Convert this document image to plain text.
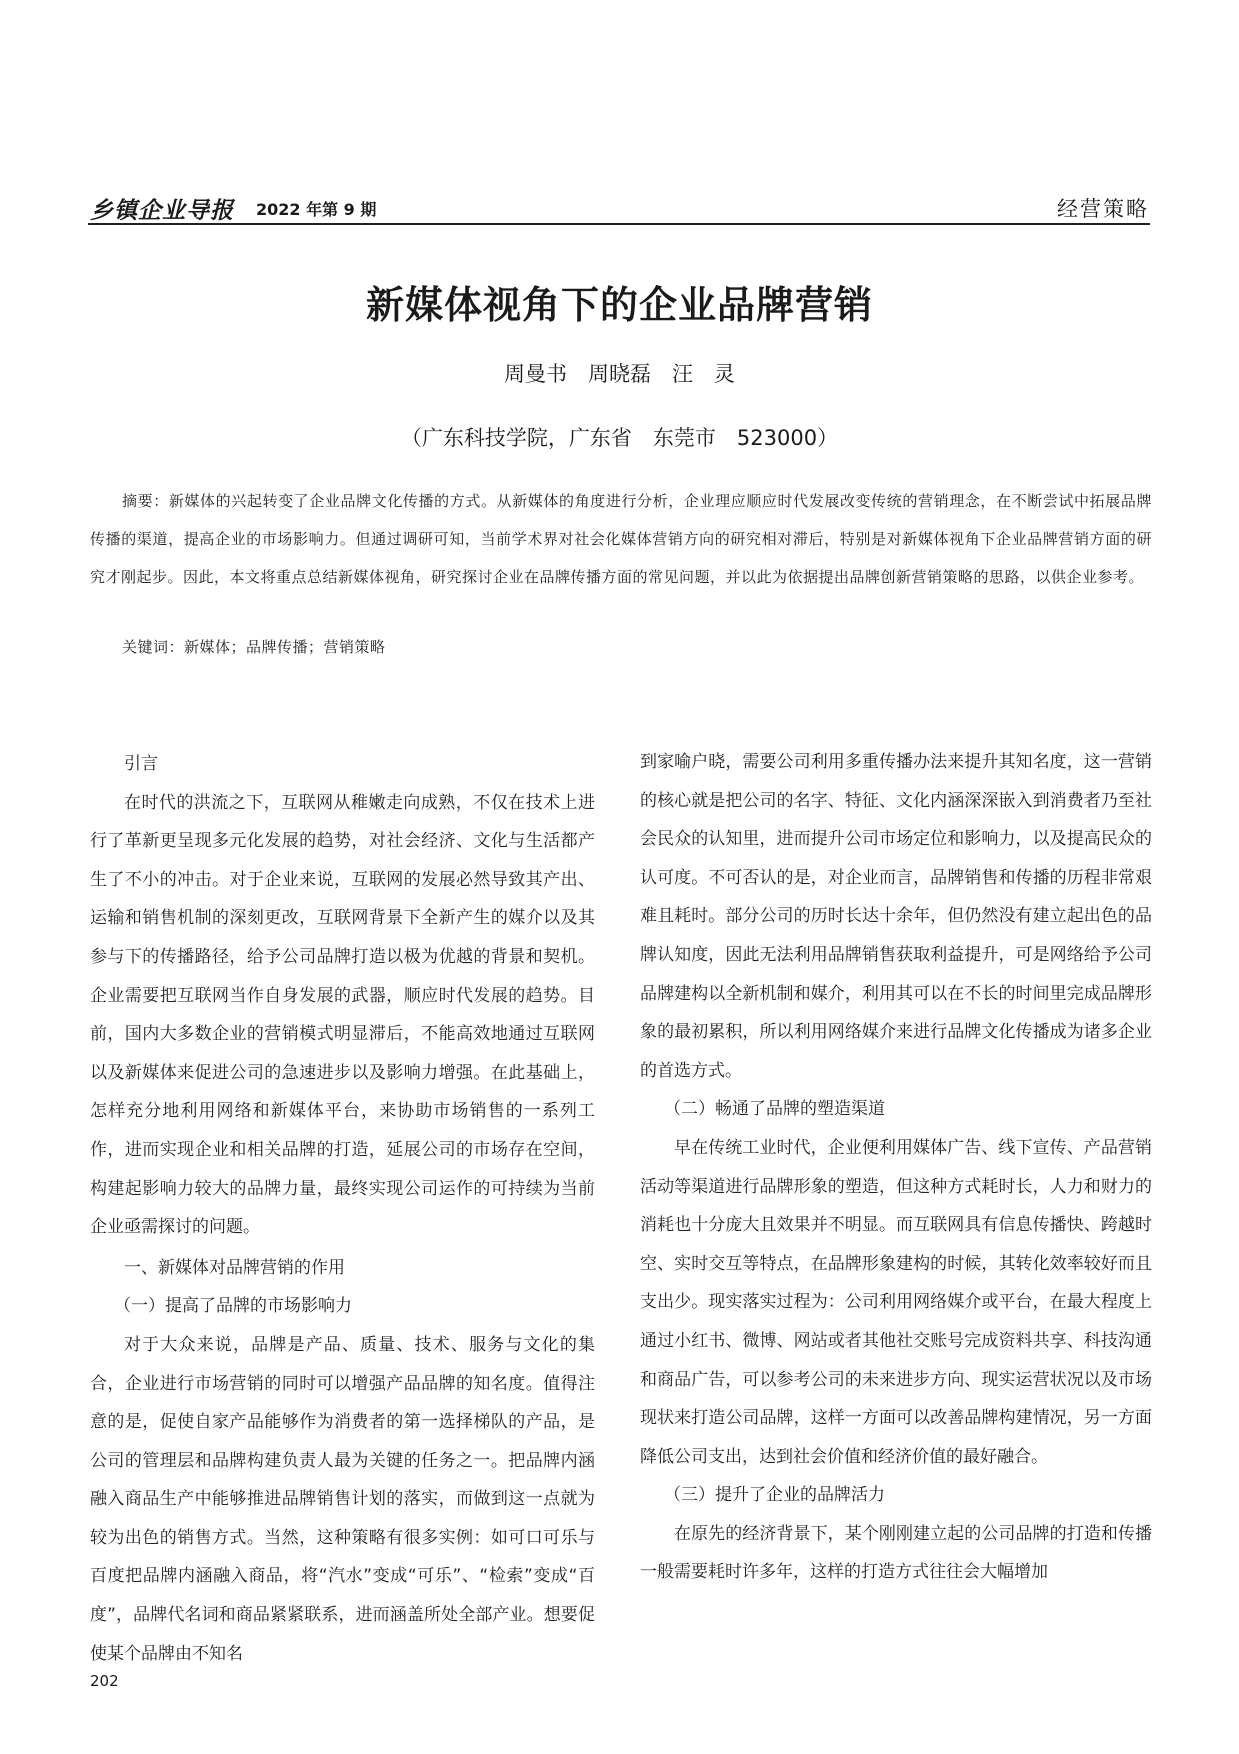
乡镇企业导报 2022 年第 9 期	经营策略
新媒体视角下的企业品牌营销
周曼书　周晓磊　汪　灵
（广东科技学院，广东省　东莞市　523000）

摘要：新媒体的兴起转变了企业品牌文化传播的方式。从新媒体的角度进行分析，企业理应顺应时代发展改变传统的营销理念，在不断尝试中拓展品牌传播的渠道，提高企业的市场影响力。但通过调研可知，当前学术界对社会化媒体营销方向的研究相对滞后，特别是对新媒体视角下企业品牌营销方面的研究才刚起步。因此，本文将重点总结新媒体视角，研究探讨企业在品牌传播方面的常见问题，并以此为依据提出品牌创新营销策略的思路，以供企业参考。

关键词：新媒体；品牌传播；营销策略

引言

在时代的洪流之下，互联网从稚嫩走向成熟，不仅在技术上进行了革新更呈现多元化发展的趋势，对社会经济、文化与生活都产生了不小的冲击。对于企业来说，互联网的发展必然导致其产出、运输和销售机制的深刻更改，互联网背景下全新产生的媒介以及其参与下的传播路径，给予公司品牌打造以极为优越的背景和契机。企业需要把互联网当作自身发展的武器，顺应时代发展的趋势。目前，国内大多数企业的营销模式明显滞后，不能高效地通过互联网以及新媒体来促进公司的急速进步以及影响力增强。在此基础上，怎样充分地利用网络和新媒体平台，来协助市场销售的一系列工作，进而实现企业和相关品牌的打造，延展公司的市场存在空间，构建起影响力较大的品牌力量，最终实现公司运作的可持续为当前企业亟需探讨的问题。

一、新媒体对品牌营销的作用

（一）提高了品牌的市场影响力

对于大众来说，品牌是产品、质量、技术、服务与文化的集合，企业进行市场营销的同时可以增强产品品牌的知名度。值得注意的是，促使自家产品能够作为消费者的第一选择梯队的产品，是公司的管理层和品牌构建负责人最为关键的任务之一。把品牌内涵融入商品生产中能够推进品牌销售计划的落实，而做到这一点就为较为出色的销售方式。当然，这种策略有很多实例：如可口可乐与百度把品牌内涵融入商品，将“汽水”变成“可乐”、“检索”变成“百度”，品牌代名词和商品紧紧联系，进而涵盖所处全部产业。想要促使某个品牌由不知名

到家喻户晓，需要公司利用多重传播办法来提升其知名度，这一营销的核心就是把公司的名字、特征、文化内涵深深嵌入到消费者乃至社会民众的认知里，进而提升公司市场定位和影响力，以及提高民众的认可度。不可否认的是，对企业而言，品牌销售和传播的历程非常艰难且耗时。部分公司的历时长达十余年，但仍然没有建立起出色的品牌认知度，因此无法利用品牌销售获取利益提升，可是网络给予公司品牌建构以全新机制和媒介，利用其可以在不长的时间里完成品牌形象的最初累积，所以利用网络媒介来进行品牌文化传播成为诸多企业的首选方式。

（二）畅通了品牌的塑造渠道

早在传统工业时代，企业便利用媒体广告、线下宣传、产品营销活动等渠道进行品牌形象的塑造，但这种方式耗时长，人力和财力的消耗也十分庞大且效果并不明显。而互联网具有信息传播快、跨越时空、实时交互等特点，在品牌形象建构的时候，其转化效率较好而且支出少。现实落实过程为：公司利用网络媒介或平台，在最大程度上通过小红书、微博、网站或者其他社交账号完成资料共享、科技沟通和商品广告，可以参考公司的未来进步方向、现实运营状况以及市场现状来打造公司品牌，这样一方面可以改善品牌构建情况，另一方面降低公司支出，达到社会价值和经济价值的最好融合。

（三）提升了企业的品牌活力

在原先的经济背景下，某个刚刚建立起的公司品牌的打造和传播一般需要耗时许多年，这样的打造方式往往会大幅增加

202
